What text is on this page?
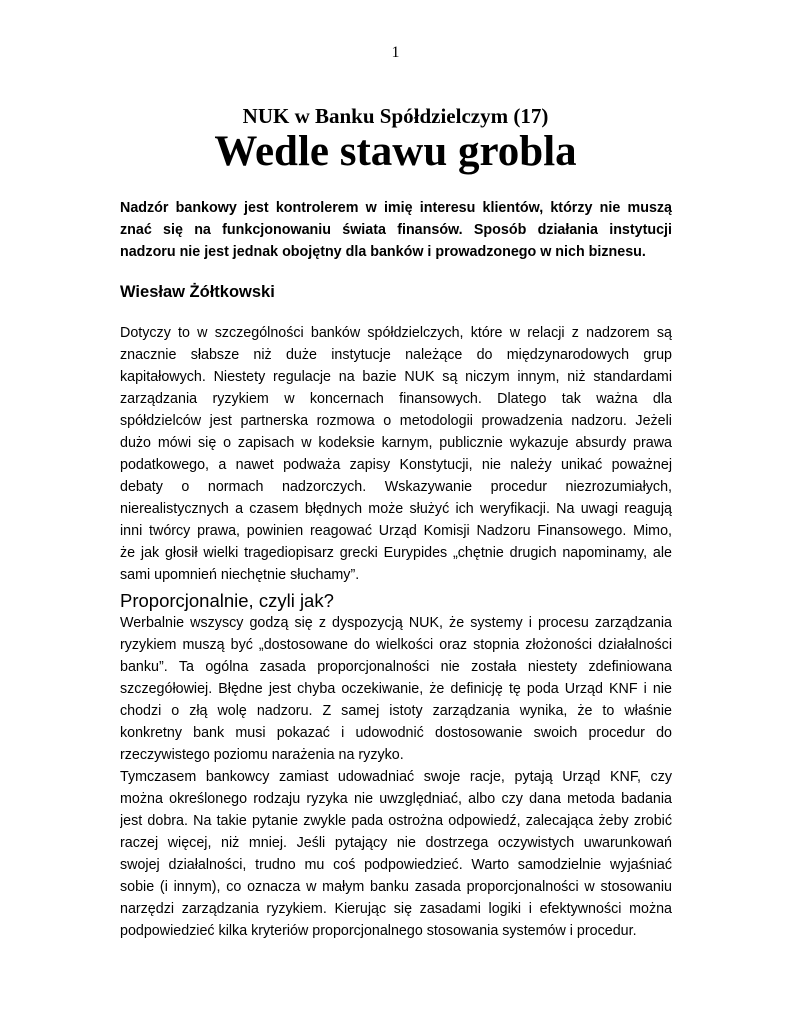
1
NUK w Banku Spółdzielczym (17)
Wedle stawu grobla
Nadzór bankowy jest kontrolerem w imię interesu klientów, którzy nie muszą
znać się na funkcjonowaniu świata finansów. Sposób działania instytucji
nadzoru nie jest jednak obojętny dla banków i prowadzonego w nich biznesu.
Wiesław Żółtkowski
Dotyczy to w szczególności banków spółdzielczych, które w relacji z nadzorem są
znacznie słabsze niż duże instytucje należące do międzynarodowych grup
kapitałowych. Niestety regulacje na bazie NUK są niczym innym, niż standardami
zarządzania ryzykiem w koncernach finansowych. Dlatego tak ważna dla
spółdzielców jest partnerska rozmowa o metodologii prowadzenia nadzoru. Jeżeli
dużo mówi się o zapisach w kodeksie karnym, publicznie wykazuje absurdy prawa
podatkowego, a nawet podważa zapisy Konstytucji, nie należy unikać poważnej
debaty o normach nadzorczych. Wskazywanie procedur niezrozumiałych,
nierealistycznych a czasem błędnych może służyć ich weryfikacji. Na uwagi reagują
inni twórcy prawa, powinien reagować Urząd Komisji Nadzoru Finansowego. Mimo,
że jak głosił wielki tragediopisarz grecki Eurypides „chętnie drugich napominamy, ale
sami upomnień niechętnie słuchamy”.
Proporcjonalnie, czyli jak?
Werbalnie wszyscy godzą się z dyspozycją NUK, że systemy i procesu zarządzania
ryzykiem muszą być „dostosowane do wielkości oraz stopnia złożoności działalności
banku”. Ta ogólna zasada proporcjonalności nie została niestety zdefiniowana
szczegółowiej. Błędne jest chyba oczekiwanie, że definicję tę poda Urząd KNF i nie
chodzi o złą wolę nadzoru. Z samej istoty zarządzania wynika, że to właśnie
konkretny bank musi pokazać i udowodnić dostosowanie swoich procedur do
rzeczywistego poziomu narażenia na ryzyko.
Tymczasem bankowcy zamiast udowadniać swoje racje, pytają Urząd KNF, czy
można określonego rodzaju ryzyka nie uwzględniać, albo czy dana metoda badania
jest dobra. Na takie pytanie zwykle pada ostrożna odpowiedź, zalecająca żeby zrobić
raczej więcej, niż mniej. Jeśli pytający nie dostrzega oczywistych uwarunkowań
swojej działalności, trudno mu coś podpowiedzieć. Warto samodzielnie wyjaśniać
sobie (i innym), co oznacza w małym banku zasada proporcjonalności w stosowaniu
narzędzi zarządzania ryzykiem. Kierując się zasadami logiki i efektywności można
podpowiedzieć kilka kryteriów proporcjonalnego stosowania systemów i procedur.
